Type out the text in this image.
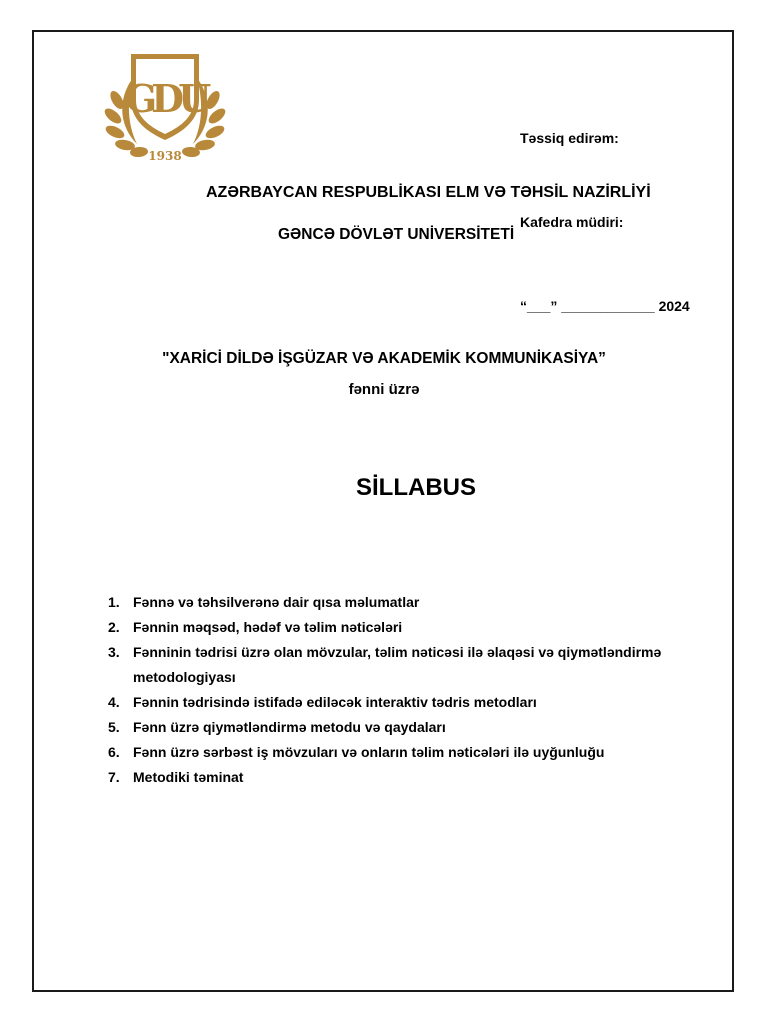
GDU
1938

Təssiq edirəm:

Kafedra müdiri:

“___” ____________ 2024

AZƏRBAYCAN RESPUBLİKASI ELM VƏ TƏHSİL NAZİRLİYİ
GƏNCƏ DÖVLƏT UNİVERSİTETİ
"XARİCİ DİLDƏ İŞGÜZAR VƏ AKADEMİK KOMMUNİKASİYA”
fənni üzrə
SİLLABUS
1. Fənnə və təhsilverənə dair qısa məlumatlar
2. Fənnin məqsəd, hədəf və təlim nəticələri
3. Fənninin tədrisi üzrə olan mövzular, təlim nəticəsi ilə əlaqəsi və qiymətləndirmə metodologiyası
4. Fənnin tədrisində istifadə ediləcək interaktiv tədris metodları
5. Fənn üzrə qiymətləndirmə metodu və qaydaları
6. Fənn üzrə sərbəst iş mövzuları və onların təlim nəticələri ilə uyğunluğu
7. Metodiki təminat
